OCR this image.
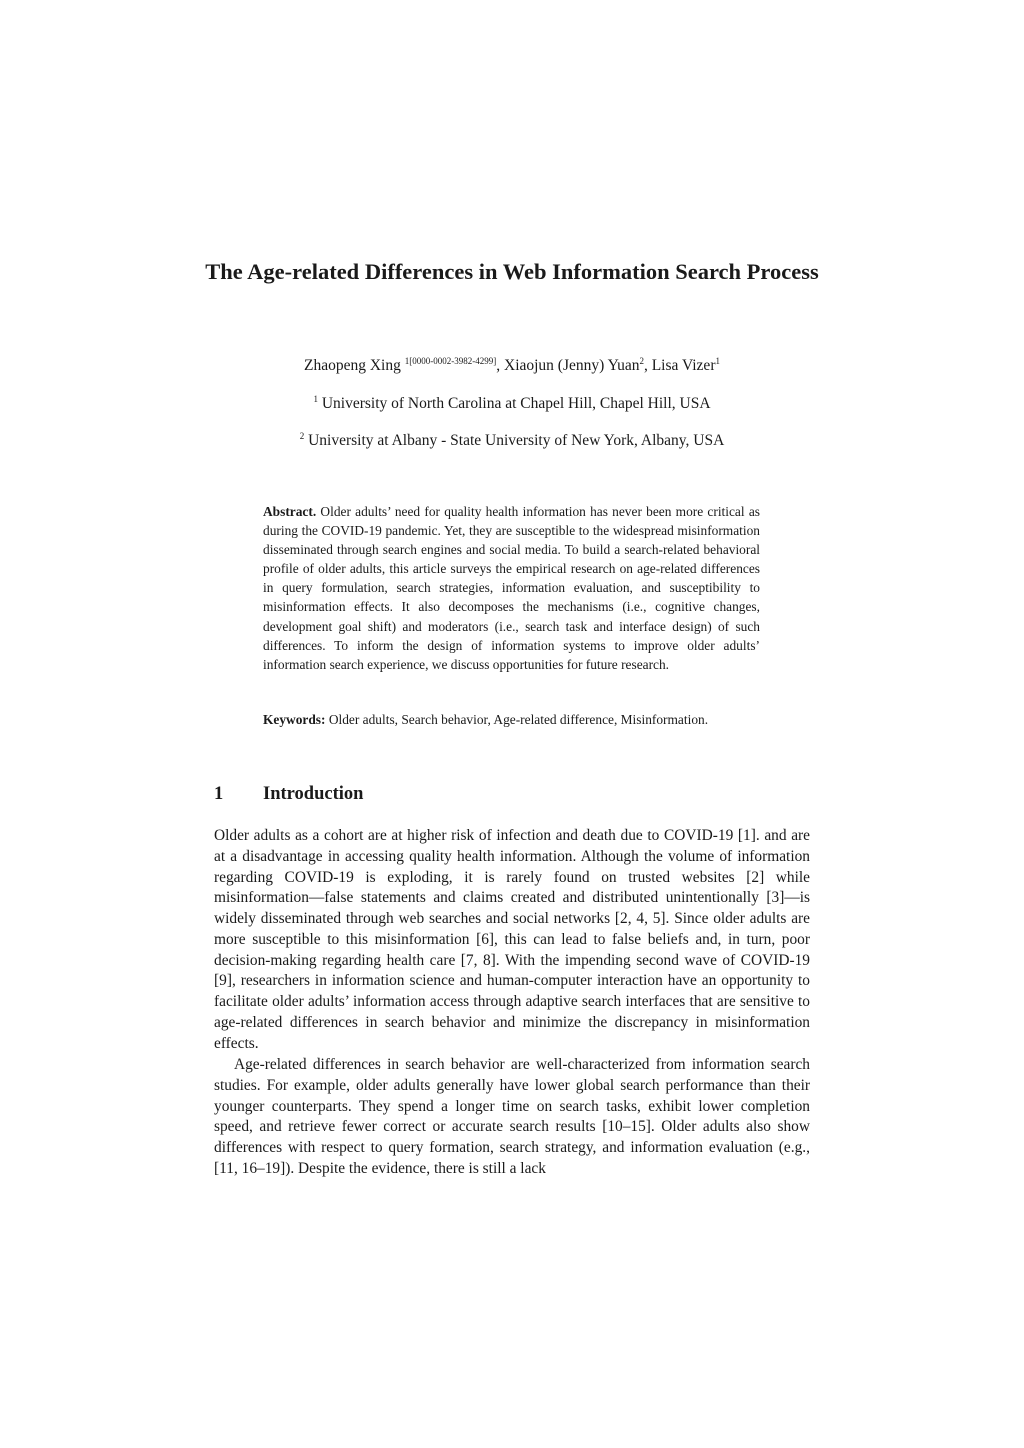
The Age-related Differences in Web Information Search Process

Zhaopeng Xing $^{1[0000-0002-3982-4299]}$, Xiaojun (Jenny) Yuan$^2$, Lisa Vizer$^1$

$^1$ University of North Carolina at Chapel Hill, Chapel Hill, USA

$^2$ University at Albany - State University of New York, Albany, USA

Abstract. Older adults’ need for quality health information has never been more critical as during the COVID-19 pandemic. Yet, they are susceptible to the widespread misinformation disseminated through search engines and social media. To build a search-related behavioral profile of older adults, this article surveys the empirical research on age-related differences in query formulation, search strategies, information evaluation, and susceptibility to misinformation effects. It also decomposes the mechanisms (i.e., cognitive changes, development goal shift) and moderators (i.e., search task and interface design) of such differences. To inform the design of information systems to improve older adults’ information search experience, we discuss opportunities for future research.

Keywords: Older adults, Search behavior, Age-related difference, Misinformation.

1 Introduction

Older adults as a cohort are at higher risk of infection and death due to COVID-19 [1]. and are at a disadvantage in accessing quality health information. Although the volume of information regarding COVID-19 is exploding, it is rarely found on trusted websites [2] while misinformation—false statements and claims created and distributed unintentionally [3]—is widely disseminated through web searches and social networks [2, 4, 5]. Since older adults are more susceptible to this misinformation [6], this can lead to false beliefs and, in turn, poor decision-making regarding health care [7, 8]. With the impending second wave of COVID-19 [9], researchers in information science and human-computer interaction have an opportunity to facilitate older adults’ information access through adaptive search interfaces that are sensitive to age-related differences in search behavior and minimize the discrepancy in misinformation effects.

Age-related differences in search behavior are well-characterized from information search studies. For example, older adults generally have lower global search performance than their younger counterparts. They spend a longer time on search tasks, exhibit lower completion speed, and retrieve fewer correct or accurate search results [10–15]. Older adults also show differences with respect to query formation, search strategy, and information evaluation (e.g., [11, 16–19]). Despite the evidence, there is still a lack
